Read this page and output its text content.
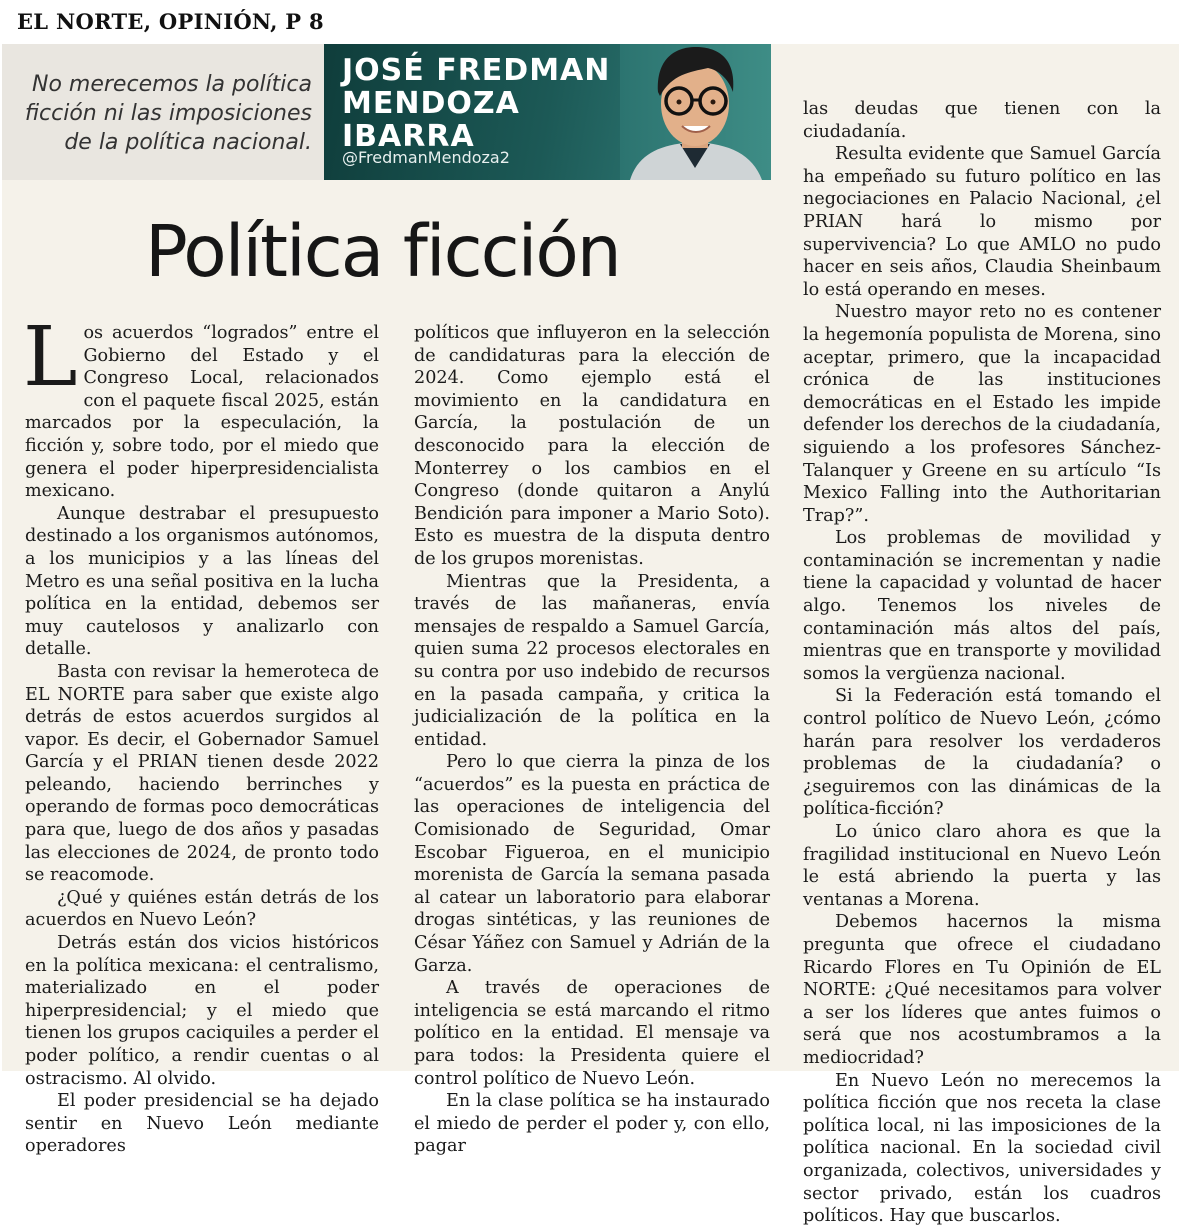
EL NORTE, OPINIÓN, P 8
No merecemos la política ficción ni las imposiciones de la política nacional.
JOSÉ FREDMAN MENDOZA IBARRA
@FredmanMendoza2
Política ficción

Los acuerdos “logrados” entre el Gobierno del Estado y el Congreso Local, relacionados con el paquete fiscal 2025, están marcados por la especulación, la ficción y, sobre todo, por el miedo que genera el poder hiperpresidencialista mexicano.

Aunque destrabar el presupuesto destinado a los organismos autónomos, a los municipios y a las líneas del Metro es una señal positiva en la lucha política en la entidad, debemos ser muy cautelosos y analizarlo con detalle.

Basta con revisar la hemeroteca de EL NORTE para saber que existe algo detrás de estos acuerdos surgidos al vapor. Es decir, el Gobernador Samuel García y el PRIAN tienen desde 2022 peleando, haciendo berrinches y operando de formas poco democráticas para que, luego de dos años y pasadas las elecciones de 2024, de pronto todo se reacomode.

¿Qué y quiénes están detrás de los acuerdos en Nuevo León?

Detrás están dos vicios históricos en la política mexicana: el centralismo, materializado en el poder hiperpresidencial; y el miedo que tienen los grupos caciquiles a perder el poder político, a rendir cuentas o al ostracismo. Al olvido.

El poder presidencial se ha dejado sentir en Nuevo León mediante operadores

políticos que influyeron en la selección de candidaturas para la elección de 2024. Como ejemplo está el movimiento en la candidatura en García, la postulación de un desconocido para la elección de Monterrey o los cambios en el Congreso (donde quitaron a Anylú Bendición para imponer a Mario Soto). Esto es muestra de la disputa dentro de los grupos morenistas.

Mientras que la Presidenta, a través de las mañaneras, envía mensajes de respaldo a Samuel García, quien suma 22 procesos electorales en su contra por uso indebido de recursos en la pasada campaña, y critica la judicialización de la política en la entidad.

Pero lo que cierra la pinza de los “acuerdos” es la puesta en práctica de las operaciones de inteligencia del Comisionado de Seguridad, Omar Escobar Figueroa, en el municipio morenista de García la semana pasada al catear un laboratorio para elaborar drogas sintéticas, y las reuniones de César Yáñez con Samuel y Adrián de la Garza.

A través de operaciones de inteligencia se está marcando el ritmo político en la entidad. El mensaje va para todos: la Presidenta quiere el control político de Nuevo León.

En la clase política se ha instaurado el miedo de perder el poder y, con ello, pagar

las deudas que tienen con la ciudadanía.

Resulta evidente que Samuel García ha empeñado su futuro político en las negociaciones en Palacio Nacional, ¿el PRIAN hará lo mismo por supervivencia? Lo que AMLO no pudo hacer en seis años, Claudia Sheinbaum lo está operando en meses.

Nuestro mayor reto no es contener la hegemonía populista de Morena, sino aceptar, primero, que la incapacidad crónica de las instituciones democráticas en el Estado les impide defender los derechos de la ciudadanía, siguiendo a los profesores Sánchez-Talanquer y Greene en su artículo “Is Mexico Falling into the Authoritarian Trap?”.

Los problemas de movilidad y contaminación se incrementan y nadie tiene la capacidad y voluntad de hacer algo. Tenemos los niveles de contaminación más altos del país, mientras que en transporte y movilidad somos la vergüenza nacional.

Si la Federación está tomando el control político de Nuevo León, ¿cómo harán para resolver los verdaderos problemas de la ciudadanía? o ¿seguiremos con las dinámicas de la política-ficción?

Lo único claro ahora es que la fragilidad institucional en Nuevo León le está abriendo la puerta y las ventanas a Morena.

Debemos hacernos la misma pregunta que ofrece el ciudadano Ricardo Flores en Tu Opinión de EL NORTE: ¿Qué necesitamos para volver a ser los líderes que antes fuimos o será que nos acostumbramos a la mediocridad?

En Nuevo León no merecemos la política ficción que nos receta la clase política local, ni las imposiciones de la política nacional. En la sociedad civil organizada, colectivos, universidades y sector privado, están los cuadros políticos. Hay que buscarlos.
